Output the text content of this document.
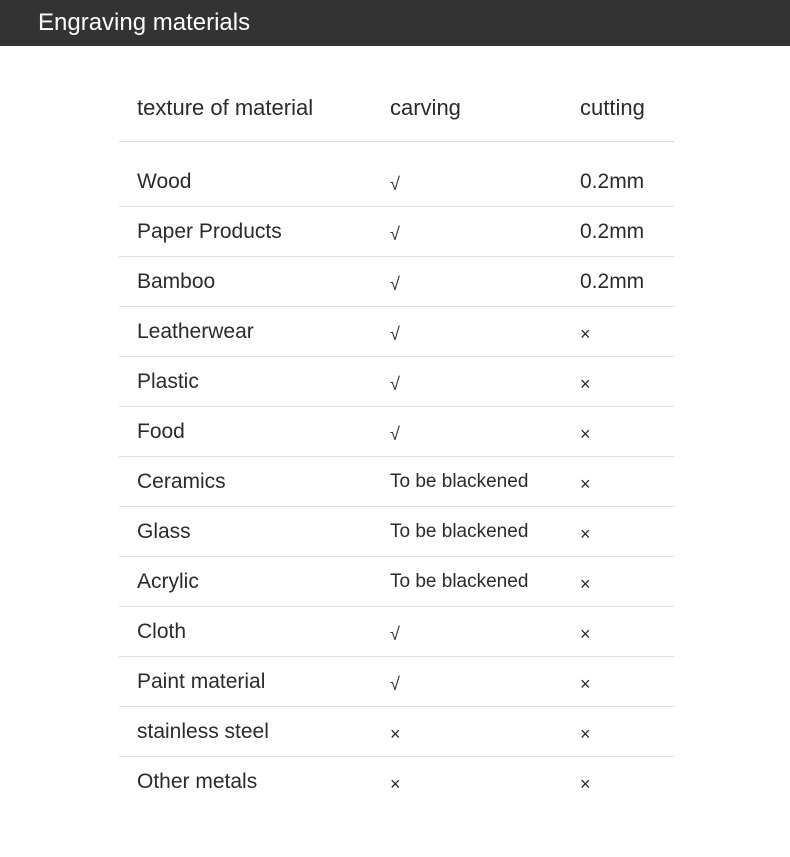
Engraving materials
texture of material	carving	cutting
Wood	√	0.2mm
Paper Products	√	0.2mm
Bamboo	√	0.2mm
Leatherwear	√	×
Plastic	√	×
Food	√	×
Ceramics	To be blackened	×
Glass	To be blackened	×
Acrylic	To be blackened	×
Cloth	√	×
Paint material	√	×
stainless steel	×	×
Other metals	×	×
